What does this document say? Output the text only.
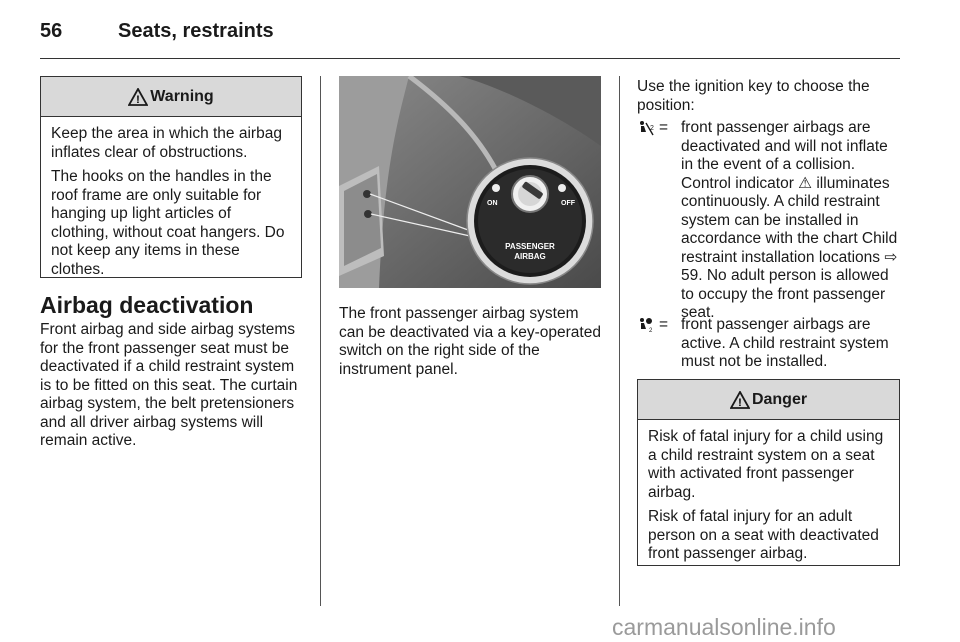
56	Seats, restraints
! Warning

Keep the area in which the airbag inflates clear of obstructions.

The hooks on the handles in the roof frame are only suitable for hanging up light articles of clothing, without coat hangers. Do not keep any items in these clothes.

Airbag deactivation
Front airbag and side airbag systems for the front passenger seat must be deactivated if a child restraint system is to be fitted on this seat. The curtain airbag system, the belt pretensioners and all driver airbag systems will remain active.
ON	OFF
PASSENGER
AIRBAG
The front passenger airbag system can be deactivated via a key-operated switch on the right side of the instrument panel.
Use the ignition key to choose the position:
2 = front passenger airbags are deactivated and will not inflate in the event of a collision. Control indicator ⚠ illuminates continuously. A child restraint system can be installed in accordance with the chart Child restraint installation locations ⇨ 59. No adult person is allowed to occupy the front passenger seat.
2 = front passenger airbags are active. A child restraint system must not be installed.
! Danger

Risk of fatal injury for a child using a child restraint system on a seat with activated front passenger airbag.

Risk of fatal injury for an adult person on a seat with deactivated front passenger airbag.

carmanualsonline.info
